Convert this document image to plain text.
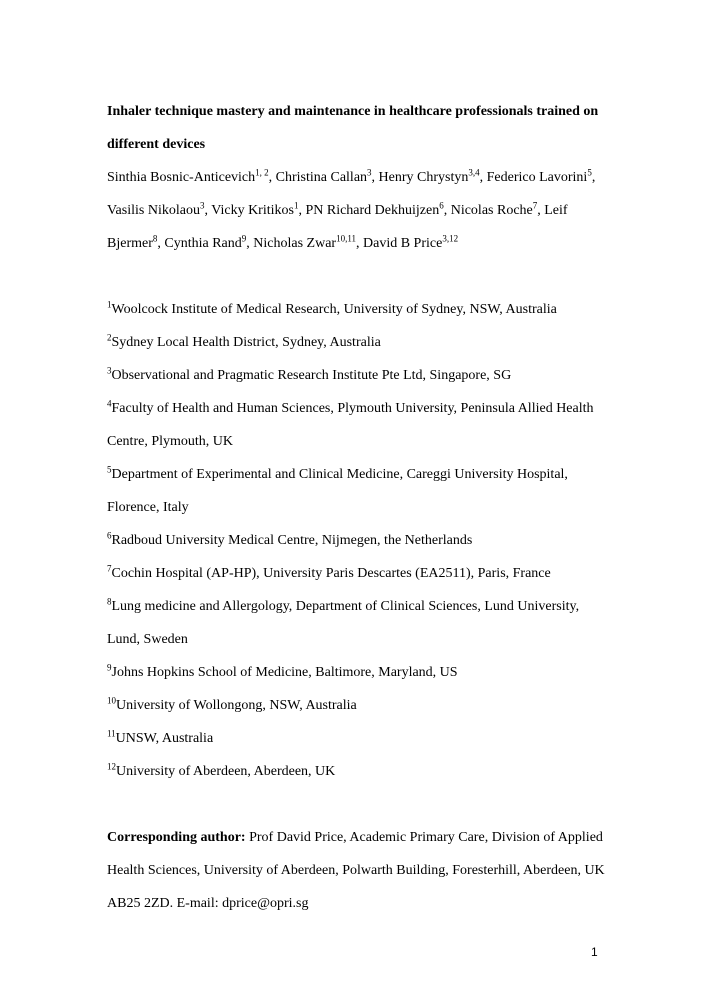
Inhaler technique mastery and maintenance in healthcare professionals trained on different devices

Sinthia Bosnic-Anticevich$^{1, 2}$, Christina Callan$^3$, Henry Chrystyn$^{3,4}$, Federico Lavorini$^5$, Vasilis Nikolaou$^3$, Vicky Kritikos$^1$, PN Richard Dekhuijzen$^6$, Nicolas Roche$^7$, Leif Bjermer$^8$, Cynthia Rand$^9$, Nicholas Zwar$^{10,11}$, David B Price$^{3,12}$

$^1$Woolcock Institute of Medical Research, University of Sydney, NSW, Australia

$^2$Sydney Local Health District, Sydney, Australia

$^3$Observational and Pragmatic Research Institute Pte Ltd, Singapore, SG

$^4$Faculty of Health and Human Sciences, Plymouth University, Peninsula Allied Health Centre, Plymouth, UK

$^5$Department of Experimental and Clinical Medicine, Careggi University Hospital, Florence, Italy

$^6$Radboud University Medical Centre, Nijmegen, the Netherlands

$^7$Cochin Hospital (AP-HP), University Paris Descartes (EA2511), Paris, France

$^8$Lung medicine and Allergology, Department of Clinical Sciences, Lund University, Lund, Sweden

$^9$Johns Hopkins School of Medicine, Baltimore, Maryland, US

$^{10}$University of Wollongong, NSW, Australia

$^{11}$UNSW, Australia

$^{12}$University of Aberdeen, Aberdeen, UK

Corresponding author: Prof David Price, Academic Primary Care, Division of Applied Health Sciences, University of Aberdeen, Polwarth Building, Foresterhill, Aberdeen, UK AB25 2ZD. E-mail: dprice@opri.sg

1
